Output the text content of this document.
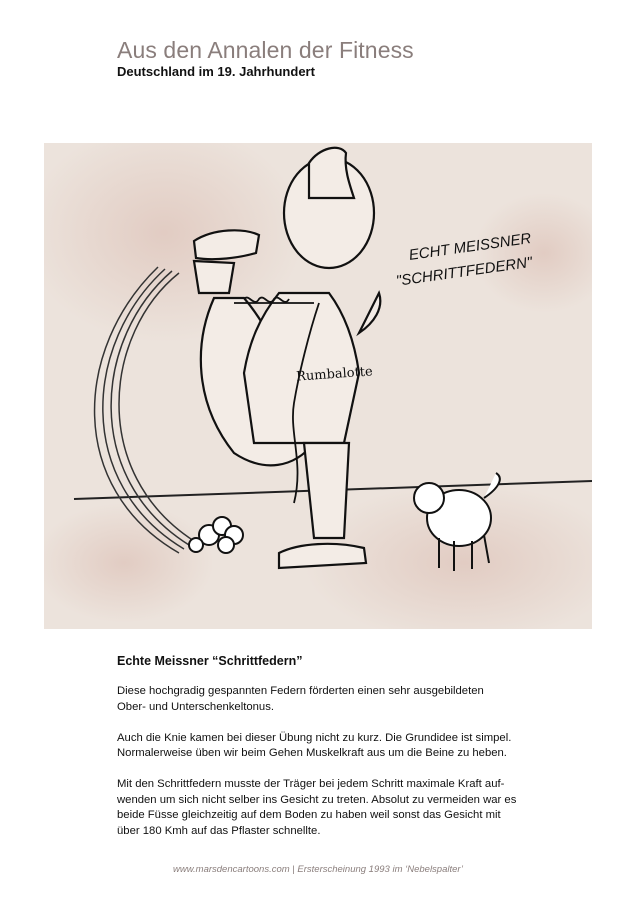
Aus den Annalen der Fitness
Deutschland im 19. Jahrhundert
Rumbalotte
ECHT MEISSNER
"SCHRITTFEDERN"
Echte Meissner “Schrittfedern”

Diese hochgradig gespannten Federn förderten einen sehr ausgebildeten
Ober- und Unterschenkeltonus.

Auch die Knie kamen bei dieser Übung nicht zu kurz. Die Grundidee ist simpel.
Normalerweise üben wir beim Gehen Muskelkraft aus um die Beine zu heben.

Mit den Schrittfedern musste der Träger bei jedem Schritt maximale Kraft auf-
wenden um sich nicht selber ins Gesicht zu treten. Absolut zu vermeiden war es
beide Füsse gleichzeitig auf dem Boden zu haben weil sonst das Gesicht mit
über 180 Kmh auf das Pflaster schnellte.

www.marsdencartoons.com | Ersterscheinung 1993 im ‘Nebelspalter’
